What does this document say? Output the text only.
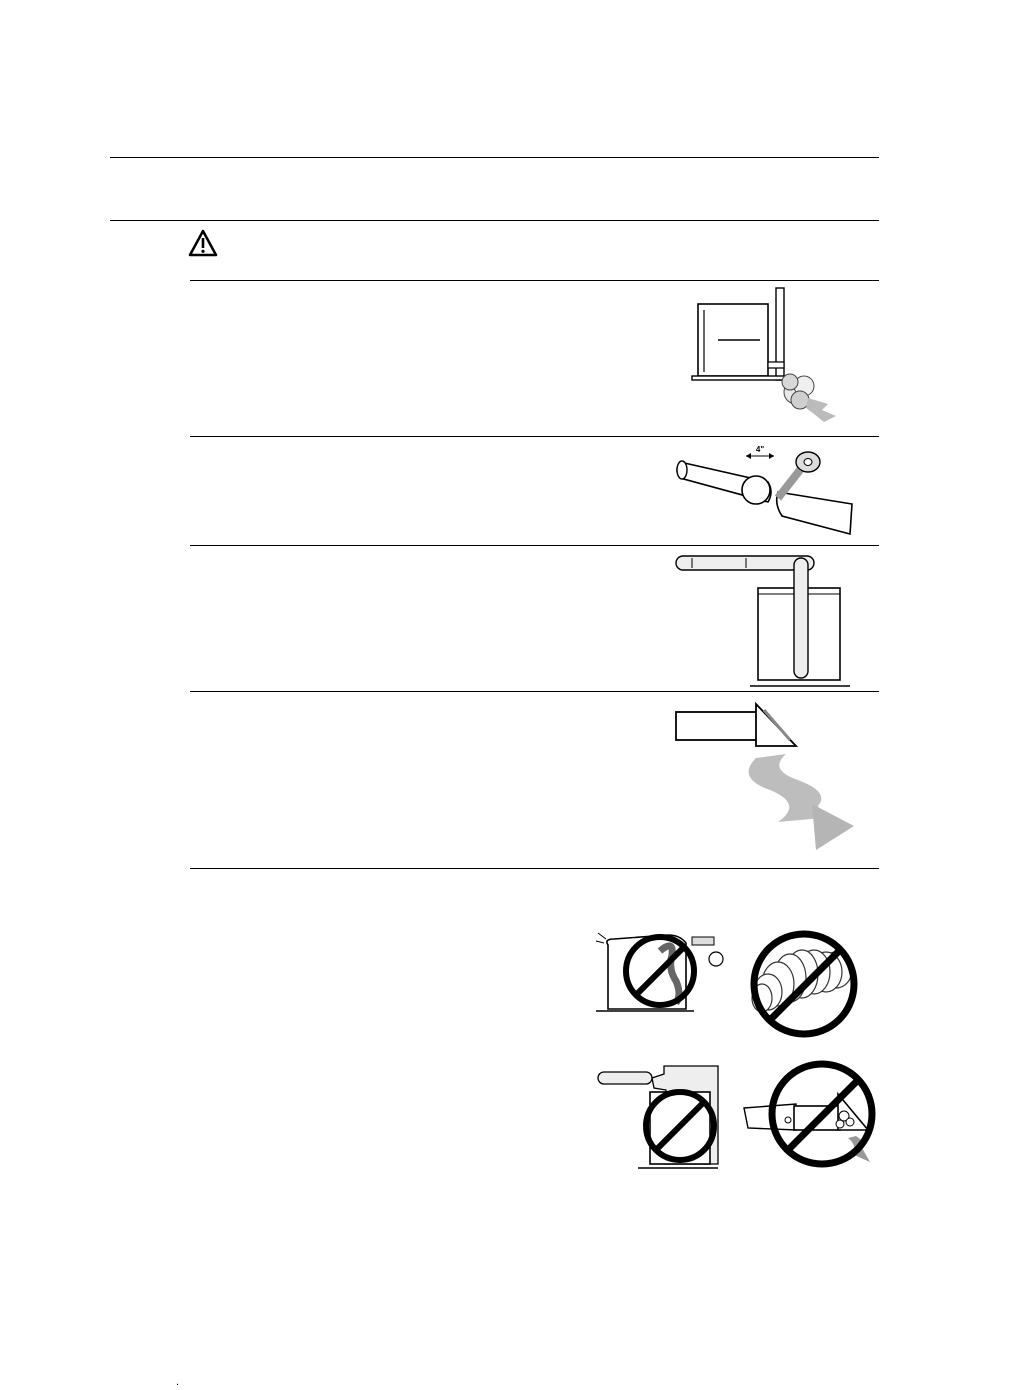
4"
.
